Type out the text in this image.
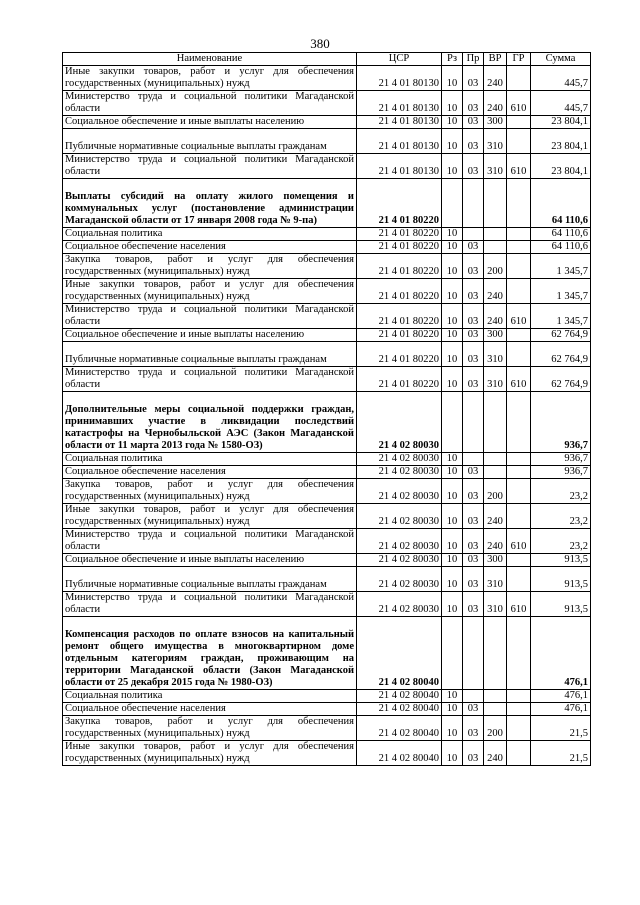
380
Наименование	ЦСР	Рз	Пр	ВР	ГР	Сумма
Иные закупки товаров, работ и услуг для обеспечения государственных (муниципальных) нужд	21 4 01 80130	10	03	240		445,7
Министерство труда и социальной политики Магаданской области	21 4 01 80130	10	03	240	610	445,7
Социальное обеспечение и иные выплаты населению	21 4 01 80130	10	03	300		23 804,1
Публичные нормативные социальные выплаты гражданам	21 4 01 80130	10	03	310		23 804,1
Министерство труда и социальной политики Магаданской области	21 4 01 80130	10	03	310	610	23 804,1
Выплаты субсидий на оплату жилого помещения и коммунальных услуг (постановление администрации Магаданской области от 17 января 2008 года № 9-па)	21 4 01 80220					64 110,6
Социальная политика	21 4 01 80220	10				64 110,6
Социальное обеспечение населения	21 4 01 80220	10	03			64 110,6
Закупка товаров, работ и услуг для обеспечения государственных (муниципальных) нужд	21 4 01 80220	10	03	200		1 345,7
Иные закупки товаров, работ и услуг для обеспечения государственных (муниципальных) нужд	21 4 01 80220	10	03	240		1 345,7
Министерство труда и социальной политики Магаданской области	21 4 01 80220	10	03	240	610	1 345,7
Социальное обеспечение и иные выплаты населению	21 4 01 80220	10	03	300		62 764,9
Публичные нормативные социальные выплаты гражданам	21 4 01 80220	10	03	310		62 764,9
Министерство труда и социальной политики Магаданской области	21 4 01 80220	10	03	310	610	62 764,9
Дополнительные меры социальной поддержки граждан, принимавших участие в ликвидации последствий катастрофы на Чернобыльской АЭС (Закон Магаданской области от 11 марта 2013 года № 1580-ОЗ)	21 4 02 80030					936,7
Социальная политика	21 4 02 80030	10				936,7
Социальное обеспечение населения	21 4 02 80030	10	03			936,7
Закупка товаров, работ и услуг для обеспечения государственных (муниципальных) нужд	21 4 02 80030	10	03	200		23,2
Иные закупки товаров, работ и услуг для обеспечения государственных (муниципальных) нужд	21 4 02 80030	10	03	240		23,2
Министерство труда и социальной политики Магаданской области	21 4 02 80030	10	03	240	610	23,2
Социальное обеспечение и иные выплаты населению	21 4 02 80030	10	03	300		913,5
Публичные нормативные социальные выплаты гражданам	21 4 02 80030	10	03	310		913,5
Министерство труда и социальной политики Магаданской области	21 4 02 80030	10	03	310	610	913,5
Компенсация расходов по оплате взносов на капитальный ремонт общего имущества в многоквартирном доме отдельным категориям граждан, проживающим на территории Магаданской области (Закон Магаданской области от 25 декабря 2015 года № 1980-ОЗ)	21 4 02 80040					476,1
Социальная политика	21 4 02 80040	10				476,1
Социальное обеспечение населения	21 4 02 80040	10	03			476,1
Закупка товаров, работ и услуг для обеспечения государственных (муниципальных) нужд	21 4 02 80040	10	03	200		21,5
Иные закупки товаров, работ и услуг для обеспечения государственных (муниципальных) нужд	21 4 02 80040	10	03	240		21,5
